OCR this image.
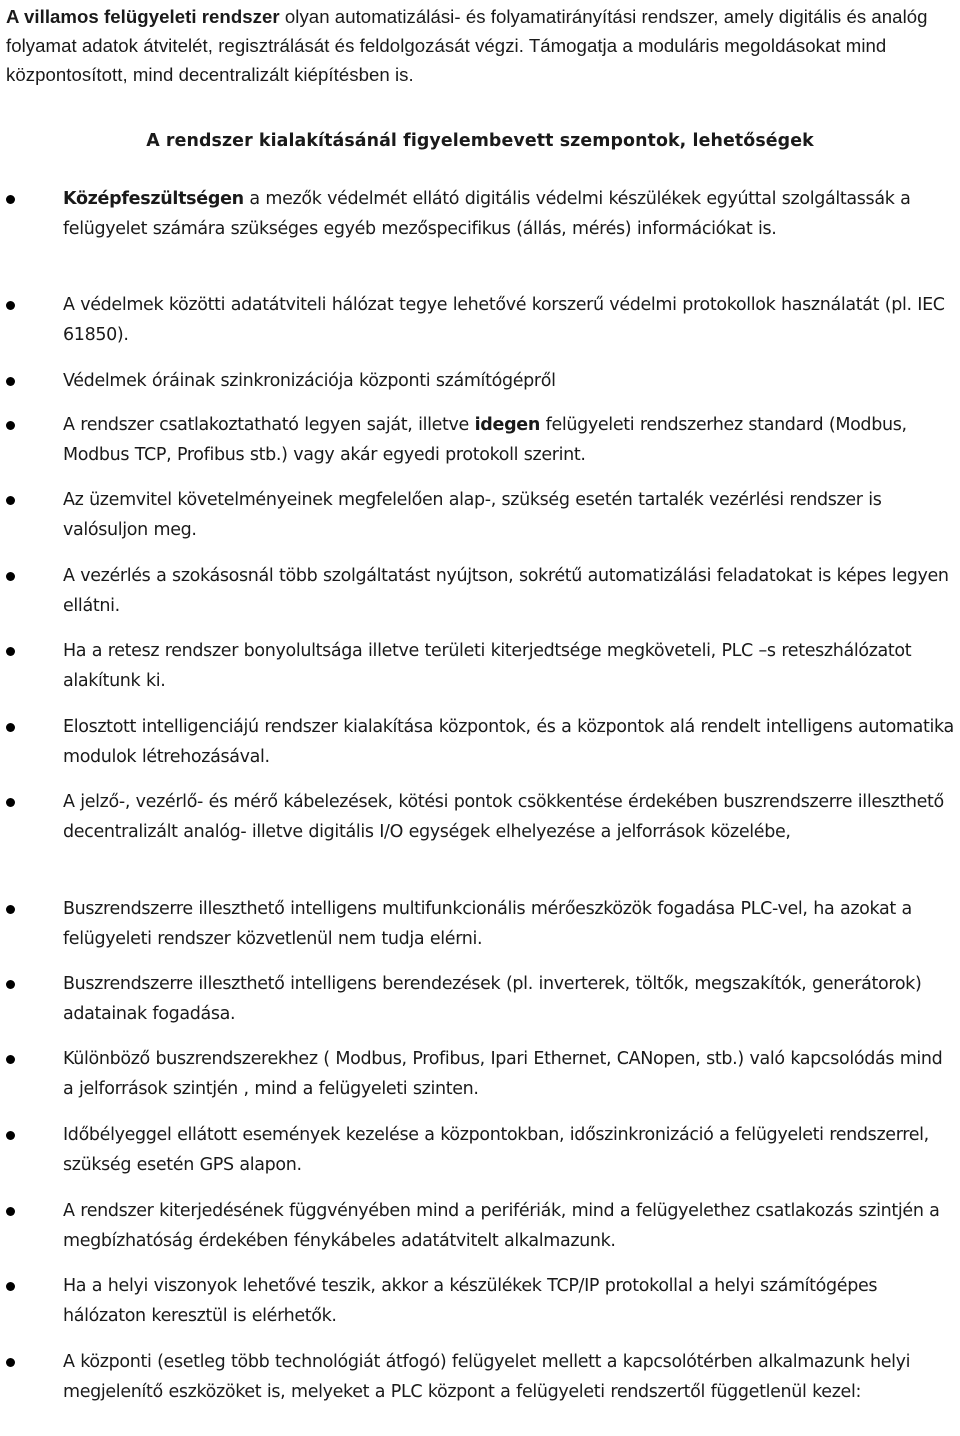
A villamos felügyeleti rendszer olyan automatizálási- és folyamatirányítási rendszer, amely digitális és analóg folyamat adatok átvitelét, regisztrálását és feldolgozását végzi. Támogatja a moduláris megoldásokat mind központosított, mind decentralizált kiépítésben is.

A rendszer kialakításánál figyelembevett szempontok, lehetőségek
Középfeszültségen a mezők védelmét ellátó digitális védelmi készülékek egyúttal szolgáltassák a felügyelet számára szükséges egyéb mezőspecifikus (állás, mérés) információkat is.
A védelmek közötti adatátviteli hálózat tegye lehetővé korszerű védelmi protokollok használatát (pl. IEC 61850).
Védelmek óráinak szinkronizációja központi számítógépről
A rendszer csatlakoztatható legyen saját, illetve idegen felügyeleti rendszerhez standard (Modbus, Modbus TCP, Profibus stb.) vagy akár egyedi protokoll szerint.
Az üzemvitel követelményeinek megfelelően alap-, szükség esetén tartalék vezérlési rendszer is valósuljon meg.
A vezérlés a szokásosnál több szolgáltatást nyújtson, sokrétű automatizálási feladatokat is képes legyen ellátni.
Ha a retesz rendszer bonyolultsága illetve területi kiterjedtsége megköveteli, PLC –s reteszhálózatot alakítunk ki.
Elosztott intelligenciájú rendszer kialakítása központok, és a központok alá rendelt intelligens automatika modulok létrehozásával.
A jelző-, vezérlő- és mérő kábelezések, kötési pontok csökkentése érdekében buszrendszerre illeszthető decentralizált analóg- illetve digitális I/O egységek elhelyezése a jelforrások közelébe,
Buszrendszerre illeszthető intelligens multifunkcionális mérőeszközök fogadása PLC-vel, ha azokat a felügyeleti rendszer közvetlenül nem tudja elérni.
Buszrendszerre illeszthető intelligens berendezések (pl. inverterek, töltők, megszakítók, generátorok) adatainak fogadása.
Különböző buszrendszerekhez ( Modbus, Profibus, Ipari Ethernet, CANopen, stb.) való kapcsolódás mind a jelforrások szintjén , mind a felügyeleti szinten.
Időbélyeggel ellátott események kezelése a központokban, időszinkronizáció a felügyeleti rendszerrel, szükség esetén GPS alapon.
A rendszer kiterjedésének függvényében mind a perifériák, mind a felügyelethez csatlakozás szintjén a megbízhatóság érdekében fénykábeles adatátvitelt alkalmazunk.
Ha a helyi viszonyok lehetővé teszik, akkor a készülékek TCP/IP protokollal a helyi számítógépes hálózaton keresztül is elérhetők.
A központi (esetleg több technológiát átfogó) felügyelet mellett a kapcsolótérben alkalmazunk helyi megjelenítő eszközöket is, melyeket a PLC központ a felügyeleti rendszertől függetlenül kezel:
